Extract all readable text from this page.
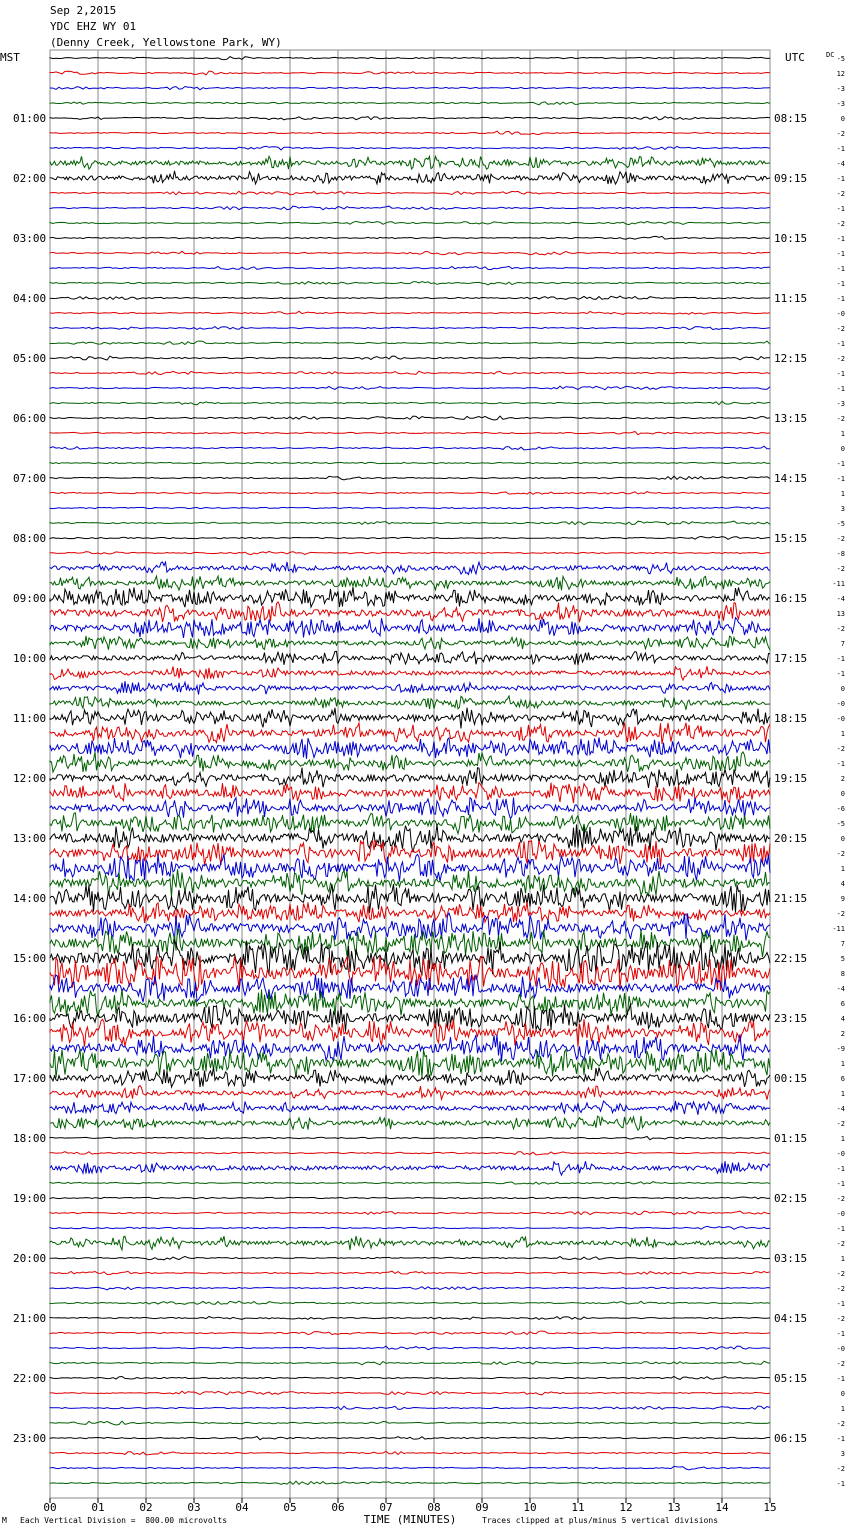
Sep 2,2015
YDC EHZ WY 01
(Denny Creek, Yellowstone Park, WY)
MST	UTC	DC
TIME (MINUTES)
01:00
02:00
03:00
04:00
05:00
06:00
07:00
08:00
09:00
10:00
11:00
12:00
13:00
14:00
15:00
16:00
17:00
18:00
19:00
20:00
21:00
22:00
23:00
08:15
09:15
10:15
11:15
12:15
13:15
14:15
15:15
16:15
17:15
18:15
19:15
20:15
21:15
22:15
23:15
00:15
01:15
02:15
03:15
04:15
05:15
06:15
-5
12
-3
-3
0
-2
-1
-4
-1
-2
-1
-2
-1
-1
-1
-1
-1
-0
-2
-1
-2
-1
-1
-3
-2
1
0
-1
-1
1
3
-5
-2
-8
-2
-11
-4
13
-2
7
-1
-1
0
-0
-0
1
-2
-1
2
0
-6
-5
0
-2
1
4
9
-2
-11
7
5
8
-4
6
4
2
-9
1
6
1
-4
-2
1
-0
-1
-1
-2
-0
-1
-2
1
-2
-2
-1
-2
-1
-0
-2
-1
0
1
-2
-1
3
-2
-1
00	01	02	03	04	05	06	07	08	09	10	11	12	13	14	15
M Each Vertical Division =  800.00 microvolts	Traces clipped at plus/minus 5 vertical divisions
